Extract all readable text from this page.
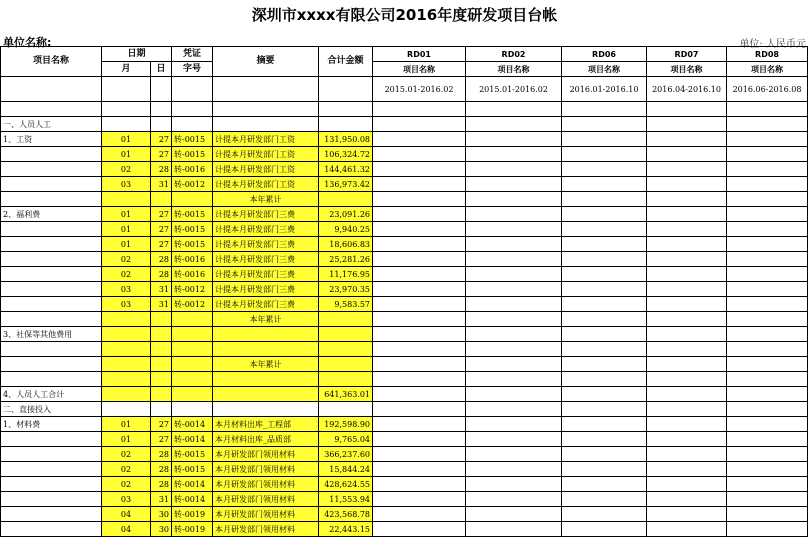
深圳市xxxx有限公司2016年度研发项目台帐
单位名称:	单位: 人民币元
项目名称	日期		凭证	摘要	合计金额	RD01	RD02	RD06	RD07	RD08
	月	日	字号			项目名称	项目名称	项目名称	项目名称	项目名称
						2015.01-2016.02	2015.01-2016.02	2016.01-2016.10	2016.04-2016.10	2016.06-2016.08

一、人员人工										
1、工资	01	27	转-0015	计提本月研发部门工资	131,950.08					
	01	27	转-0015	计提本月研发部门工资	106,324.72					
	02	28	转-0016	计提本月研发部门工资	144,461.32					
	03	31	转-0012	计提本月研发部门工资	136,973.42					
				本年累计						
2、福利费	01	27	转-0015	计提本月研发部门三费	23,091.26					
	01	27	转-0015	计提本月研发部门三费	9,940.25					
	01	27	转-0015	计提本月研发部门三费	18,606.83					
	02	28	转-0016	计提本月研发部门三费	25,281.26					
	02	28	转-0016	计提本月研发部门三费	11,176.95					
	03	31	转-0012	计提本月研发部门三费	23,970.35					
	03	31	转-0012	计提本月研发部门三费	9,583.57					
				本年累计						
3、社保等其他费用										

				本年累计						

4、人员人工合计					641,363.01					
二、直接投入										
1、材料费	01	27	转-0014	本月材料出库_工程部	192,598.90					
	01	27	转-0014	本月材料出库_品质部	9,765.04					
	02	28	转-0015	本月研发部门领用材料	366,237.60					
	02	28	转-0015	本月研发部门领用材料	15,844.24					
	02	28	转-0014	本月研发部门领用材料	428,624.55					
	03	31	转-0014	本月研发部门领用材料	11,553.94					
	04	30	转-0019	本月研发部门领用材料	423,568.78					
	04	30	转-0019	本月研发部门领用材料	22,443.15					
